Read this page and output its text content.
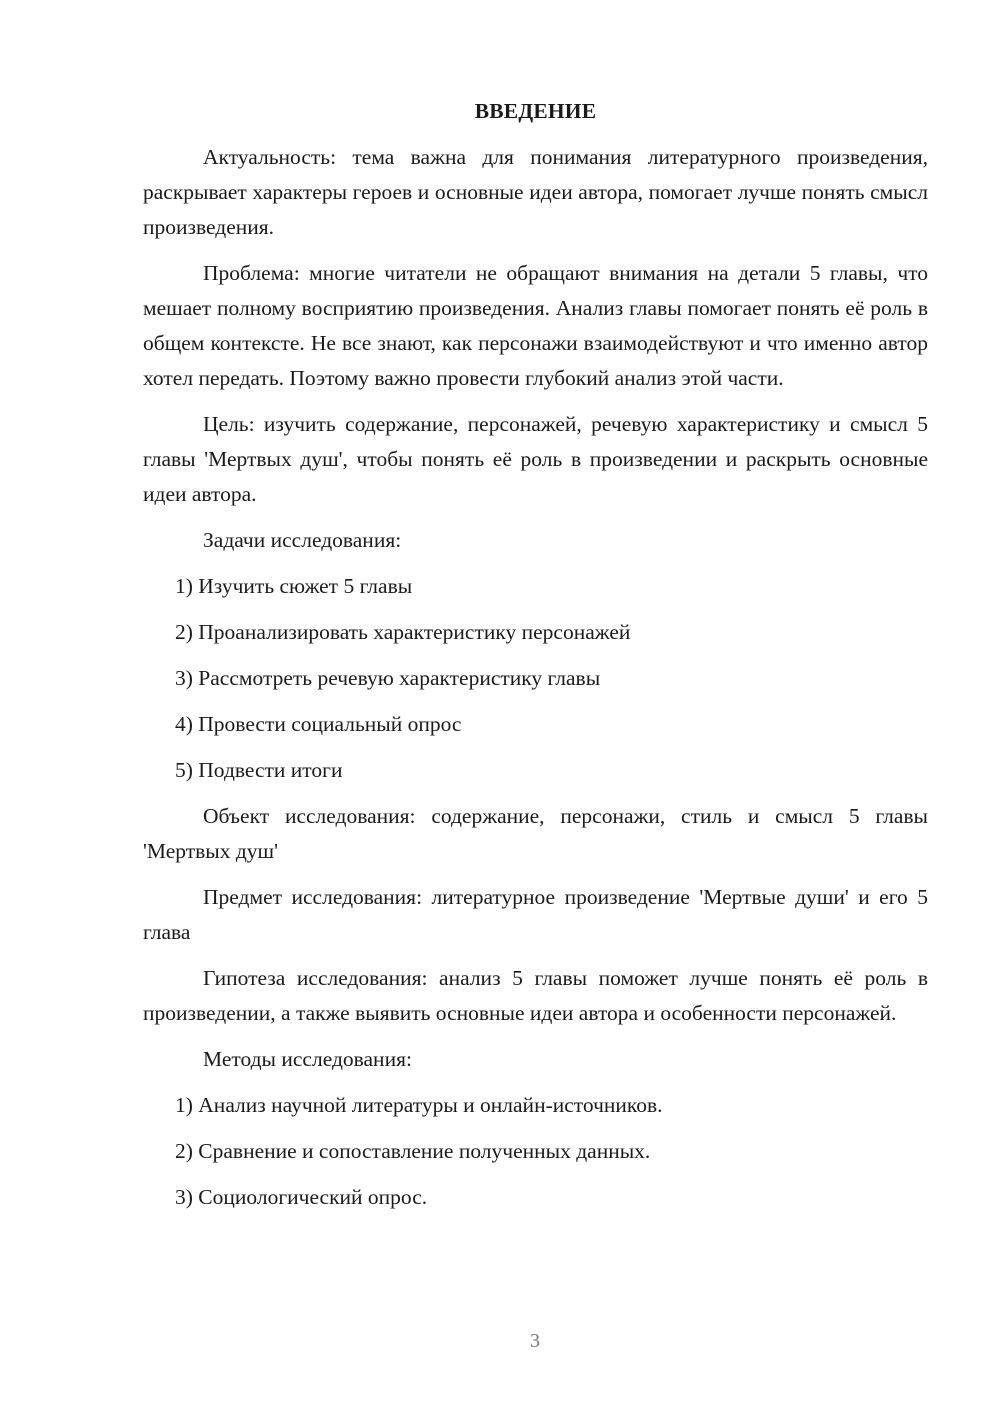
ВВЕДЕНИЕ

Актуальность: тема важна для понимания литературного произведения, раскрывает характеры героев и основные идеи автора, помогает лучше понять смысл произведения.

Проблема: многие читатели не обращают внимания на детали 5 главы, что мешает полному восприятию произведения. Анализ главы помогает понять её роль в общем контексте. Не все знают, как персонажи взаимодействуют и что именно автор хотел передать. Поэтому важно провести глубокий анализ этой части.

Цель: изучить содержание, персонажей, речевую характеристику и смысл 5 главы 'Мертвых душ', чтобы понять её роль в произведении и раскрыть основные идеи автора.

Задачи исследования:

1) Изучить сюжет 5 главы
2) Проанализировать характеристику персонажей
3) Рассмотреть речевую характеристику главы
4) Провести социальный опрос
5) Подвести итоги

Объект исследования: содержание, персонажи, стиль и смысл 5 главы 'Мертвых душ'

Предмет исследования: литературное произведение 'Мертвые души' и его 5 глава

Гипотеза исследования: анализ 5 главы поможет лучше понять её роль в произведении, а также выявить основные идеи автора и особенности персонажей.

Методы исследования:

1) Анализ научной литературы и онлайн-источников.
2) Сравнение и сопоставление полученных данных.
3) Социологический опрос.
3
